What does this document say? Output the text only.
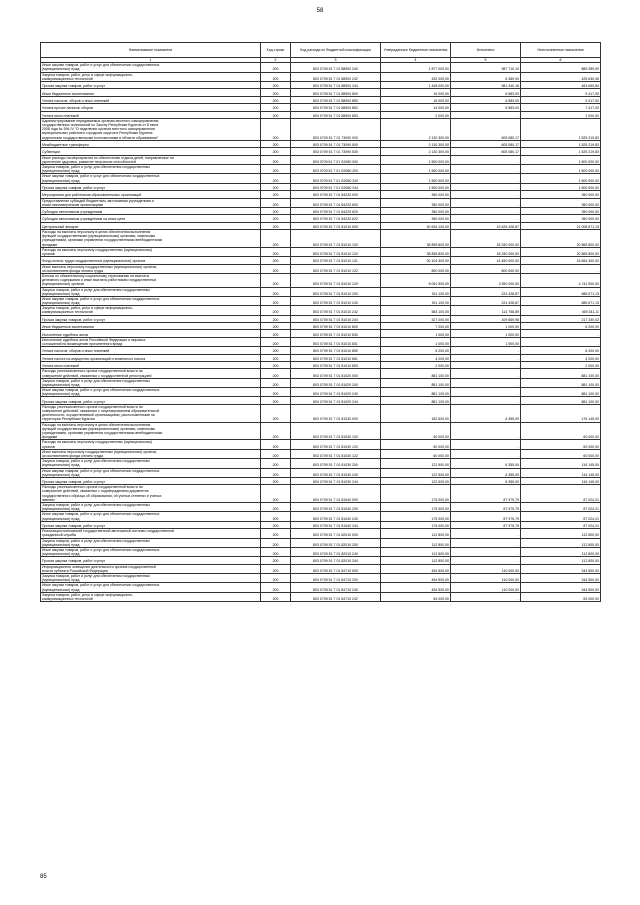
58
Наименование показателя	Код строки	Код расхода по бюджетной классификации	Утвержденные бюджетные назначения	Исполнено	Неисполненные назначения
1	2	3	4	5	6

Иные закупки товаров, работ и услуг для обеспечения государственных
(муниципальных) нужд	200	803 0709 51 7 01 88900 240	1 877 000,00	987 710,10	889 289,90

Закупка товаров, работ, услуг в сфере информационно-
коммуникационных технологий	200	803 0709 51 7 01 88900 242	432 000,00	6 369,94	425 630,06

Прочая закупка товаров, работ и услуг	200	803 0709 51 7 01 88900 244	1 445 000,00	981 340,16	463 659,84

Иные бюджетные ассигнования	200	803 0709 51 7 01 88900 800	16 000,00	6 583,00	9 417,00

Уплата налогов, сборов и иных платежей	200	803 0709 51 7 01 88900 850	16 000,00	6 583,00	9 417,00

Уплата прочих налогов, сборов	200	803 0709 51 7 01 88900 852	14 000,00	6 583,00	7 417,00

Уплата иных платежей	200	803 0709 51 7 01 88900 853	2 000,00	-	2 000,00

Администрирование передаваемых органам местного самоуправления
государственных полномочий по Закону Республики Бурятия от 8 июля
2008 года № 394-IV "О наделении органов местного самоуправления
муниципальных районов и городских округов в Республике Бурятия
отдельными государственными полномочиями в области образования"	200	803 0709 51 7 01 73090 000	2 130 300,00	605 080,17	1 525 219,83

Межбюджетные трансферты	200	803 0709 51 7 01 73090 500	2 130 300,00	605 080,17	1 525 219,83

Субвенции	200	803 0709 51 7 01 73090 530	2 130 300,00	605 080,17	1 525 219,83

Иные расходы на мероприятия по обеспечению отдыха детей, направленные на
укрепление здоровья, развитие творческих способностей	200	803 0709 51 7 01 S2080 000	1 500 000,00	-	1 500 000,00

Закупка товаров, работ и услуг для обеспечения государственных
(муниципальных) нужд	200	803 0709 51 7 01 S2080 200	1 500 000,00	-	1 500 000,00

Иные закупки товаров, работ и услуг для обеспечения государственных
(муниципальных) нужд	200	803 0709 51 7 01 S2080 240	1 500 000,00	-	1 500 000,00

Прочая закупка товаров, работ и услуг	200	803 0709 51 7 01 S2080 244	1 500 000,00	-	1 500 000,00

Мероприятия для работников образовательных организаций	200	803 0709 51 7 01 84220 000	350 000,00	-	350 000,00

Предоставление субсидий бюджетным, автономным учреждениям и
иным некоммерческим организациям	200	803 0709 51 7 01 84220 600	350 000,00	-	350 000,00

Субсидии автономным учреждениям	200	803 0709 51 7 01 84220 620	350 000,00	-	350 000,00

Субсидии автономным учреждениям на иные цели	200	803 0709 51 7 01 84220 622	350 000,00	-	350 000,00

Центральный аппарат	200	803 0709 51 7 01 81010 000	40 634 100,00	19 625 428,87	21 008 671,13

Расходы на выплаты персоналу в целях обеспечения выполнения
функций государственными (муниципальными) органами, казенными
учреждениями, органами управления государственными внебюджетными
фондами	200	803 0709 51 7 01 81010 100	38 895 800,00	18 330 000,00	20 565 800,00

Расходы на выплаты персоналу государственных (муниципальных)
органов	200	803 0709 51 7 01 81010 120	38 895 800,00	18 330 000,00	20 565 800,00

Фонд оплаты труда государственных (муниципальных) органов	200	803 0709 51 7 01 81010 121	30 104 300,00	14 450 000,00	15 654 300,00

Иные выплаты персоналу государственных (муниципальных) органов,
за исключением фонда оплаты труда	200	803 0709 51 7 01 81010 122	800 000,00	800 000,00	-

Взносы по обязательному социальному страхованию на выплаты
денежного содержания и иные выплаты работникам государственных
(муниципальных) органов	200	803 0709 51 7 01 81010 129	8 091 500,00	3 350 000,00	4 741 500,00

Закупка товаров, работ и услуг для обеспечения государственных
(муниципальных) нужд	200	803 0709 51 7 01 81010 200	911 100,00	224 428,87	686 671,13

Иные закупки товаров, работ и услуг для обеспечения государственных
(муниципальных) нужд	200	803 0709 51 7 01 81010 240	911 100,00	224 428,87	686 671,13

Закупка товаров, работ, услуг в сфере информационно-
коммуникационных технологий	200	803 0709 51 7 01 81010 242	584 100,00	114 758,89	469 341,11

Прочая закупка товаров, работ и услуг	200	803 0709 51 7 01 81010 244	327 000,00	109 669,98	217 330,02

Иные бюджетные ассигнования	200	803 0709 51 7 01 81010 800	7 200,00	1 000,00	6 200,00

Исполнение судебных актов	200	803 0709 51 7 01 81010 830	1 000,00	1 000,00	-

Исполнение судебных актов Российской Федерации и мировых
соглашений по возмещению причиненного вреда	200	803 0709 51 7 01 81010 831	1 000,00	1 000,00	-

Уплата налогов, сборов и иных платежей	200	803 0709 51 7 01 81010 850	6 200,00	-	6 200,00

Уплата налога на имущество организаций и земельного налога	200	803 0709 51 7 01 81010 851	4 200,00	-	4 200,00

Уплата иных платежей	200	803 0709 51 7 01 81010 853	2 000,00	-	2 000,00

Расходы уполномоченного органа государственной власти на
совершение действий, связанных с государственной регистрацией	200	803 0709 51 7 01 81020 000	881 100,00	-	881 100,00

Закупка товаров, работ и услуг для обеспечения государственных
(муниципальных) нужд	200	803 0709 51 7 01 81020 200	881 100,00	-	881 100,00

Иные закупки товаров, работ и услуг для обеспечения государственных
(муниципальных) нужд	200	803 0709 51 7 01 81020 240	881 100,00	-	881 100,00

Прочая закупка товаров, работ и услуг	200	803 0709 51 7 01 81020 244	881 100,00	-	881 100,00

Расходы уполномоченного органа государственной власти на
совершение действий, связанных с лицензированием образовательной
деятельности, осуществляемой организациями, расположенными на
территории Республики Бурятия	200	803 0709 51 7 01 81030 000	182 500,00	6 355,00	176 145,00

Расходы на выплаты персоналу в целях обеспечения выполнения
функций государственными (муниципальными) органами, казенными
учреждениями, органами управления государственными внебюджетными
фондами	200	803 0709 51 7 01 81030 100	60 000,00	-	60 000,00

Расходы на выплаты персоналу государственных (муниципальных)
органов	200	803 0709 51 7 01 81030 120	60 000,00	-	60 000,00

Иные выплаты персоналу государственных (муниципальных) органов,
за исключением фонда оплаты труда	200	803 0709 51 7 01 81030 122	60 000,00	-	60 000,00

Закупка товаров, работ и услуг для обеспечения государственных
(муниципальных) нужд	200	803 0709 51 7 01 81030 200	122 500,00	6 355,00	116 145,00

Иные закупки товаров, работ и услуг для обеспечения государственных
(муниципальных) нужд	200	803 0709 51 7 01 81030 240	122 500,00	6 355,00	116 145,00

Прочая закупка товаров, работ и услуг	200	803 0709 51 7 01 81030 244	122 500,00	6 355,00	116 145,00

Расходы уполномоченного органа государственной власти на
совершение действий, связанных с подтверждением документов
государственного образца об образовании, об ученых степенях и ученых
званиях	200	803 0709 51 7 01 81040 000	175 000,00	87 975,79	87 024,21

Закупка товаров, работ и услуг для обеспечения государственных
(муниципальных) нужд	200	803 0709 51 7 01 81040 200	175 000,00	87 975,79	87 024,21

Иные закупки товаров, работ и услуг для обеспечения государственных
(муниципальных) нужд	200	803 0709 51 7 01 81040 240	175 000,00	87 975,79	87 024,21

Прочая закупка товаров, работ и услуг	200	803 0709 51 7 01 81040 244	175 000,00	87 975,79	87 024,21

Реализация полномочий государственной автономной системы государственной
гражданской службы	200	803 0709 51 7 01 82010 000	112 800,00	-	112 800,00

Закупка товаров, работ и услуг для обеспечения государственных
(муниципальных) нужд	200	803 0709 51 7 01 82010 200	112 800,00	-	112 800,00

Иные закупки товаров, работ и услуг для обеспечения государственных
(муниципальных) нужд	200	803 0709 51 7 01 82010 240	112 800,00	-	112 800,00

Прочая закупка товаров, работ и услуг	200	803 0709 51 7 01 82010 244	112 800,00	-	112 800,00

Информационное освещение деятельности органов государственной
власти субъекта Российской Федерации	200	803 0709 51 7 01 84710 000	454 500,00	110 000,00	344 500,00

Закупка товаров, работ и услуг для обеспечения государственных
(муниципальных) нужд	200	803 0709 51 7 01 84710 200	454 500,00	110 000,00	344 500,00

Иные закупки товаров, работ и услуг для обеспечения государственных
(муниципальных) нужд	200	803 0709 51 7 01 84710 240	454 500,00	110 000,00	344 500,00

Закупка товаров, работ, услуг в сфере информационно-
коммуникационных технологий	200	803 0709 51 7 01 84710 242	84 000,00	-	84 000,00
85
